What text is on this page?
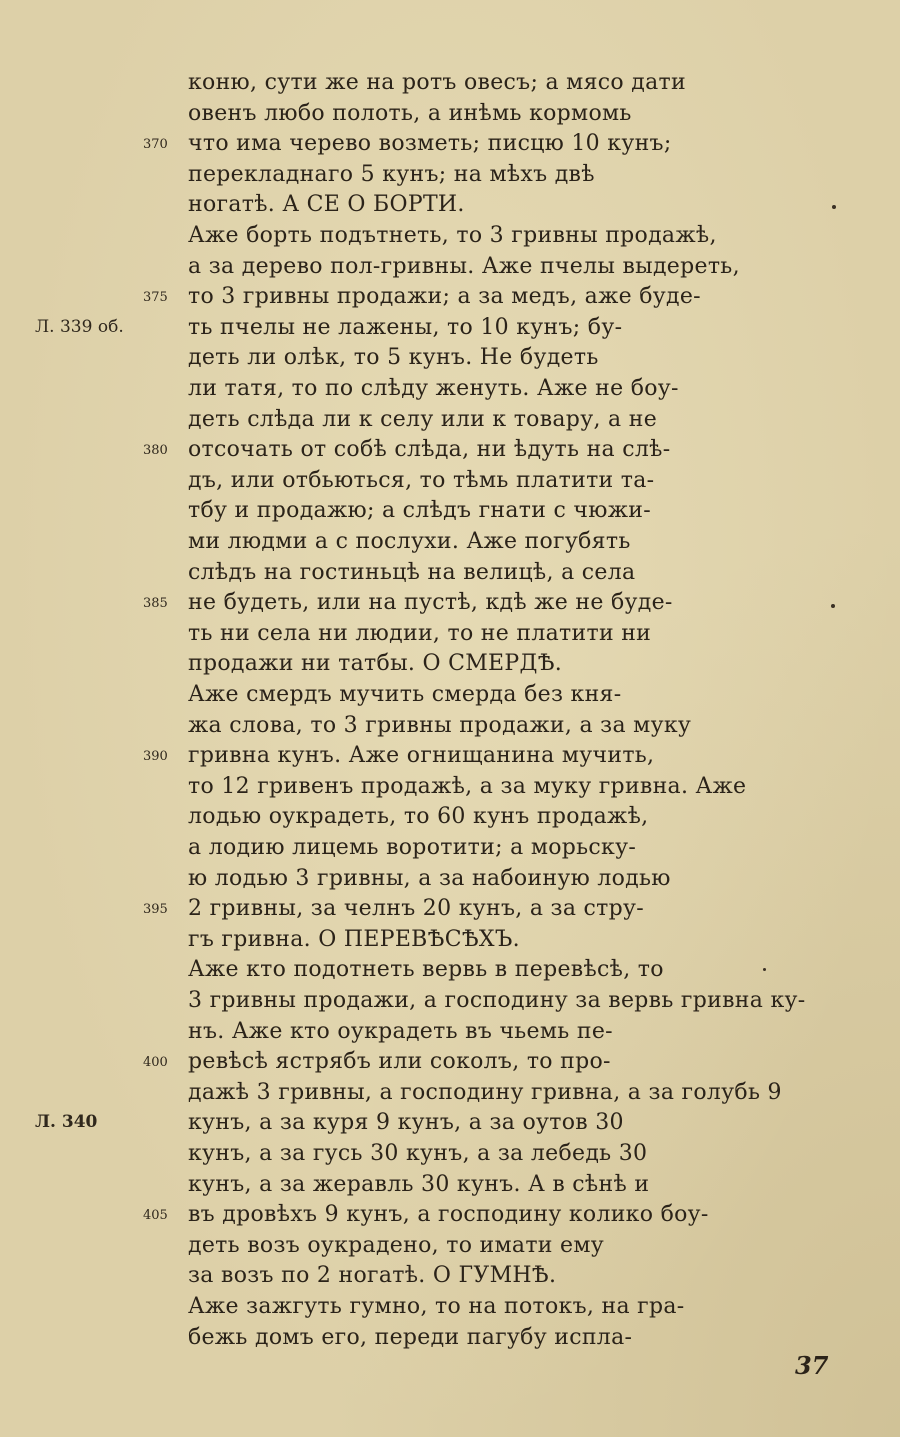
коню, сути же на ротъ овесъ; а мясо дати
овенъ любо полоть, а инѣмь кормомь
что има черево возметь; писцю 10 кунъ;
перекладнаго 5 кунъ; на мѣхъ двѣ
ногатѣ. А СЕ О БОРТИ.
Аже борть подътнеть, то 3 гривны продажѣ,
а за дерево пол-гривны. Аже пчелы выдереть,
то 3 гривны продажи; а за медъ, аже буде-
ть пчелы не лажены, то 10 кунъ; бу-
деть ли олѣк, то 5 кунъ. Не будеть
ли татя, то по слѣду женуть. Аже не боу-
деть слѣда ли к селу или к товару, а не
отсочать от собѣ слѣда, ни ѣдуть на слѣ-
дъ, или отбьються, то тѣмь платити та-
тбу и продажю; а слѣдъ гнати с чюжи-
ми людми а с послухи. Аже погубять
слѣдъ на гостиньцѣ на велицѣ, а села
не будеть, или на пустѣ, кдѣ же не буде-
ть ни села ни людии, то не платити ни
продажи ни татбы. О СМЕРДѢ.
Аже смердъ мучить смерда без кня-
жа слова, то 3 гривны продажи, а за муку
гривна кунъ. Аже огнищанина мучить,
то 12 гривенъ продажѣ, а за муку гривна. Аже
лодью оукрадеть, то 60 кунъ продажѣ,
а лодию лицемь воротити; а морьску-
ю лодью 3 гривны, а за набоиную лодью
2 гривны, за челнъ 20 кунъ, а за стру-
гъ гривна. О ПЕРЕВѢСѢХЪ.
Аже кто подотнеть вервь в перевѣсѣ, то
3 гривны продажи, а господину за вервь гривна ку-
нъ. Аже кто оукрадеть въ чьемь пе-
ревѣсѣ ястрябъ или соколъ, то про-
дажѣ 3 гривны, а господину гривна, а за голубь 9
кунъ, а за куря 9 кунъ, а за оутов 30
кунъ, а за гусь 30 кунъ, а за лебедь 30
кунъ, а за жеравль 30 кунъ. А в сѣнѣ и
въ дровѣхъ 9 кунъ, а господину колико боу-
деть возъ оукрадено, то имати ему
за возъ по 2 ногатѣ. О ГУМНѢ.
Аже зажгуть гумно, то на потокъ, на гра-
бежь домъ его, переди пагубу испла-
370
375
380
385
390
395
400
405
Л. 339 об.
Л. 340
37
